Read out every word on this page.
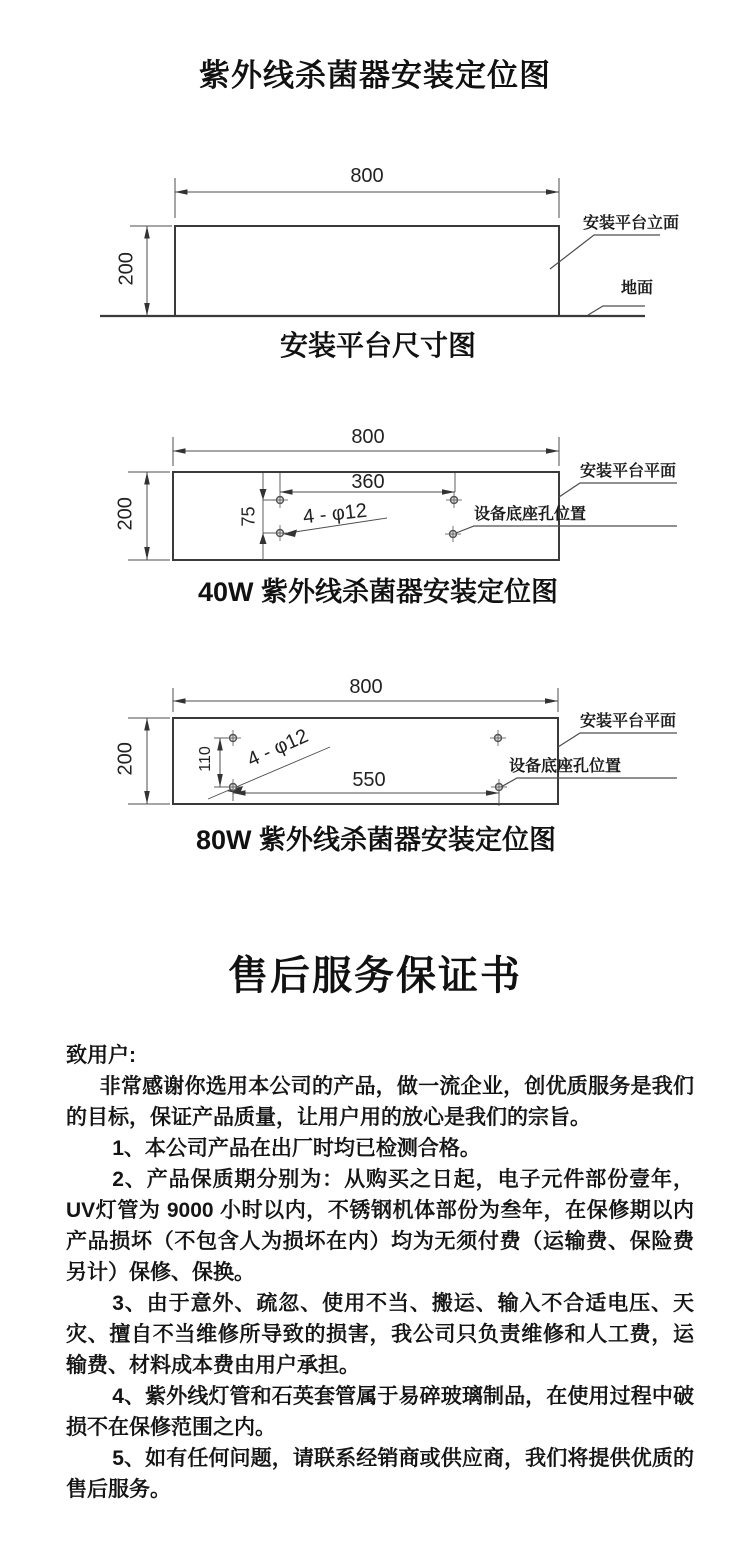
紫外线杀菌器安装定位图
800
200
安装平台立面
地面
安装平台尺寸图
800
200
360
75 4 - φ12
安装平台平面
设备底座孔位置
40W 紫外线杀菌器安装定位图
800
200	110 4 - φ12
550
安装平台平面
设备底座孔位置
80W 紫外线杀菌器安装定位图
售后服务保证书

致用户:

非常感谢你选用本公司的产品，做一流企业，创优质服务是我们的目标，保证产品质量，让用户用的放心是我们的宗旨。

1、本公司产品在出厂时均已检测合格。

2、产品保质期分别为：从购买之日起，电子元件部份壹年，UV灯管为 9000 小时以内，不锈钢机体部份为叁年，在保修期以内产品损坏（不包含人为损坏在内）均为无须付费（运输费、保险费另计）保修、保换。

3、由于意外、疏忽、使用不当、搬运、输入不合适电压、天灾、擅自不当维修所导致的损害，我公司只负责维修和人工费，运输费、材料成本费由用户承担。

4、紫外线灯管和石英套管属于易碎玻璃制品，在使用过程中破损不在保修范围之内。

5、如有任何问题，请联系经销商或供应商，我们将提供优质的售后服务。
